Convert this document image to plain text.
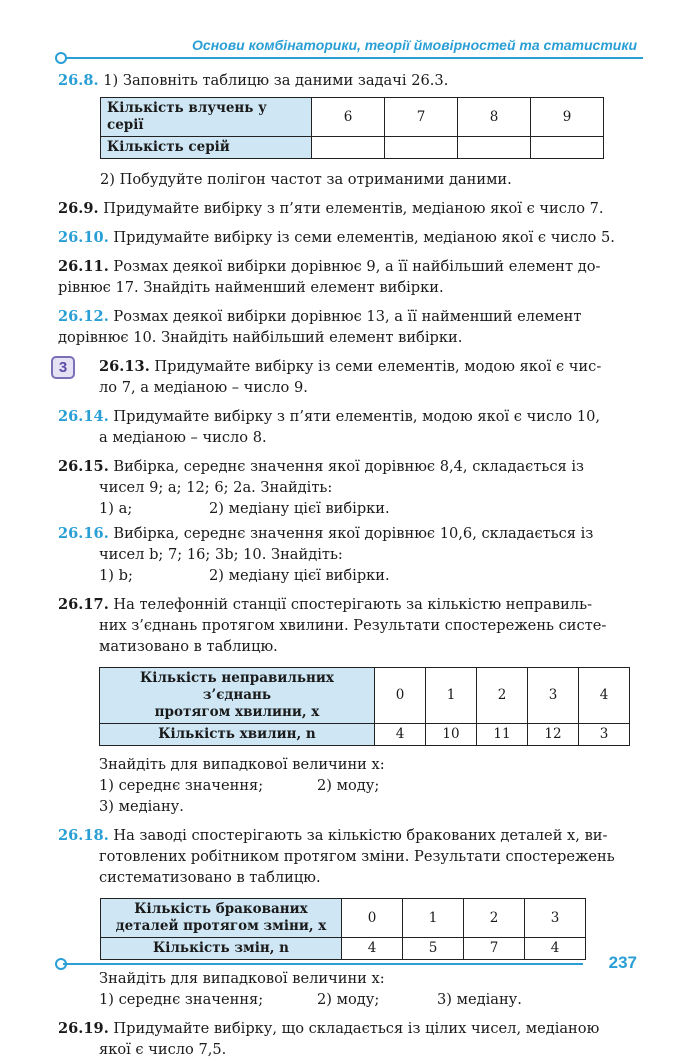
Основи комбінаторики, теорії ймовірностей та статистики

26.8. 1) Заповніть таблицю за даними задачі 26.3.

Кількість влучень у серії	6	7	8	9
Кількість серій				

2) Побудуйте полігон частот за отриманими даними.

26.9. Придумайте вибірку з п’яти елементів, медіаною якої є число 7.

26.10. Придумайте вибірку із семи елементів, медіаною якої є число 5.

26.11. Розмах деякої вибірки дорівнює 9, а її найбільший елемент до-

рівнює 17. Знайдіть найменший елемент вибірки.

26.12. Розмах деякої вибірки дорівнює 13, а її найменший елемент

дорівнює 10. Знайдіть найбільший елемент вибірки.

3	26.13. Придумайте вибірку із семи елементів, модою якої є чис-

ло 7, а медіаною – число 9.

26.14. Придумайте вибірку з п’яти елементів, модою якої є число 10,

а медіаною – число 8.

26.15. Вибірка, середнє значення якої дорівнює 8,4, складається із

чисел 9; a; 12; 6; 2a. Знайдіть:

1) a;	2) медіану цієї вибірки.

26.16. Вибірка, середнє значення якої дорівнює 10,6, складається із

чисел b; 7; 16; 3b; 10. Знайдіть:

1) b;	2) медіану цієї вибірки.

26.17. На телефонній станції спостерігають за кількістю неправиль-

них з’єднань протягом хвилини. Результати спостережень систе-

матизовано в таблицю.

Кількість неправильних з’єднань
протягом хвилини, x	0	1	2	3	4
Кількість хвилин, n	4	10	11	12	3

Знайдіть для випадкової величини x:

1) середнє значення;	2) моду;

3) медіану.

26.18. На заводі спостерігають за кількістю бракованих деталей x, ви-

готовлених робітником протягом зміни. Результати спостережень

систематизовано в таблицю.

Кількість бракованих
деталей протягом зміни, x	0	1	2	3
Кількість змін, n	4	5	7	4

Знайдіть для випадкової величини x:

1) середнє значення;	2) моду;	3) медіану.

26.19. Придумайте вибірку, що складається із цілих чисел, медіаною

якої є число 7,5.

237
